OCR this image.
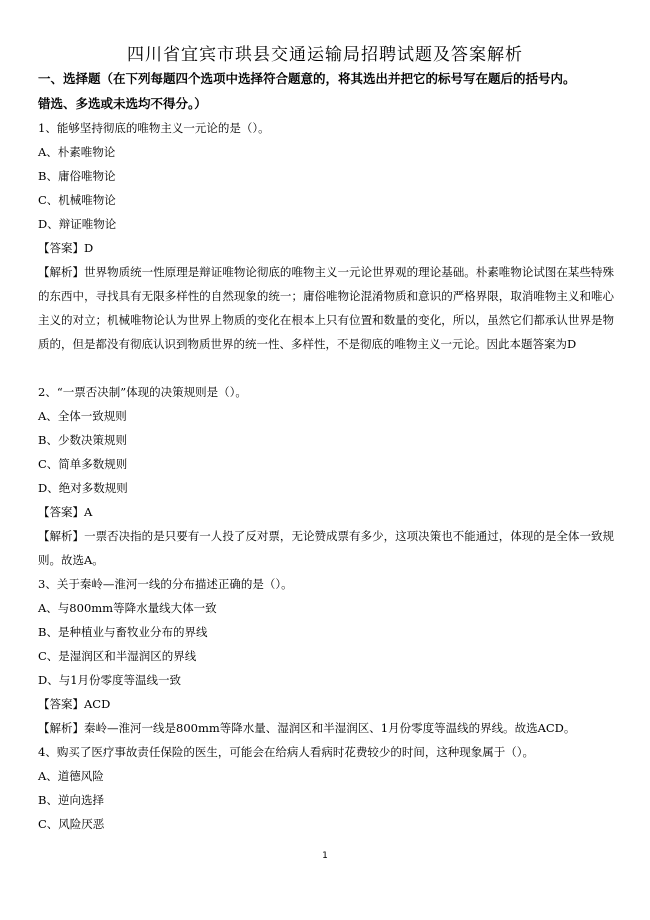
四川省宜宾市珙县交通运输局招聘试题及答案解析
一、选择题（在下列每题四个选项中选择符合题意的，将其选出并把它的标号写在题后的括号内。
错选、多选或未选均不得分。）
1、能够坚持彻底的唯物主义一元论的是（）。
A、朴素唯物论
B、庸俗唯物论
C、机械唯物论
D、辩证唯物论
【答案】D
【解析】世界物质统一性原理是辩证唯物论彻底的唯物主义一元论世界观的理论基础。朴素唯物论试图在某些特殊的东西中，寻找具有无限多样性的自然现象的统一；庸俗唯物论混淆物质和意识的严格界限，取消唯物主义和唯心主义的对立；机械唯物论认为世界上物质的变化在根本上只有位置和数量的变化，所以，虽然它们都承认世界是物质的，但是都没有彻底认识到物质世界的统一性、多样性，不是彻底的唯物主义一元论。因此本题答案为D
2、“一票否决制”体现的决策规则是（）。
A、全体一致规则
B、少数决策规则
C、简单多数规则
D、绝对多数规则
【答案】A
【解析】一票否决指的是只要有一人投了反对票，无论赞成票有多少，这项决策也不能通过，体现的是全体一致规则。故选A。
3、关于秦岭—淮河一线的分布描述正确的是（）。
A、与800mm等降水量线大体一致
B、是种植业与畜牧业分布的界线
C、是湿润区和半湿润区的界线
D、与1月份零度等温线一致
【答案】ACD
【解析】秦岭—淮河一线是800mm等降水量、湿润区和半湿润区、1月份零度等温线的界线。故选ACD。
4、购买了医疗事故责任保险的医生，可能会在给病人看病时花费较少的时间，这种现象属于（）。
A、道德风险
B、逆向选择
C、风险厌恶
1
